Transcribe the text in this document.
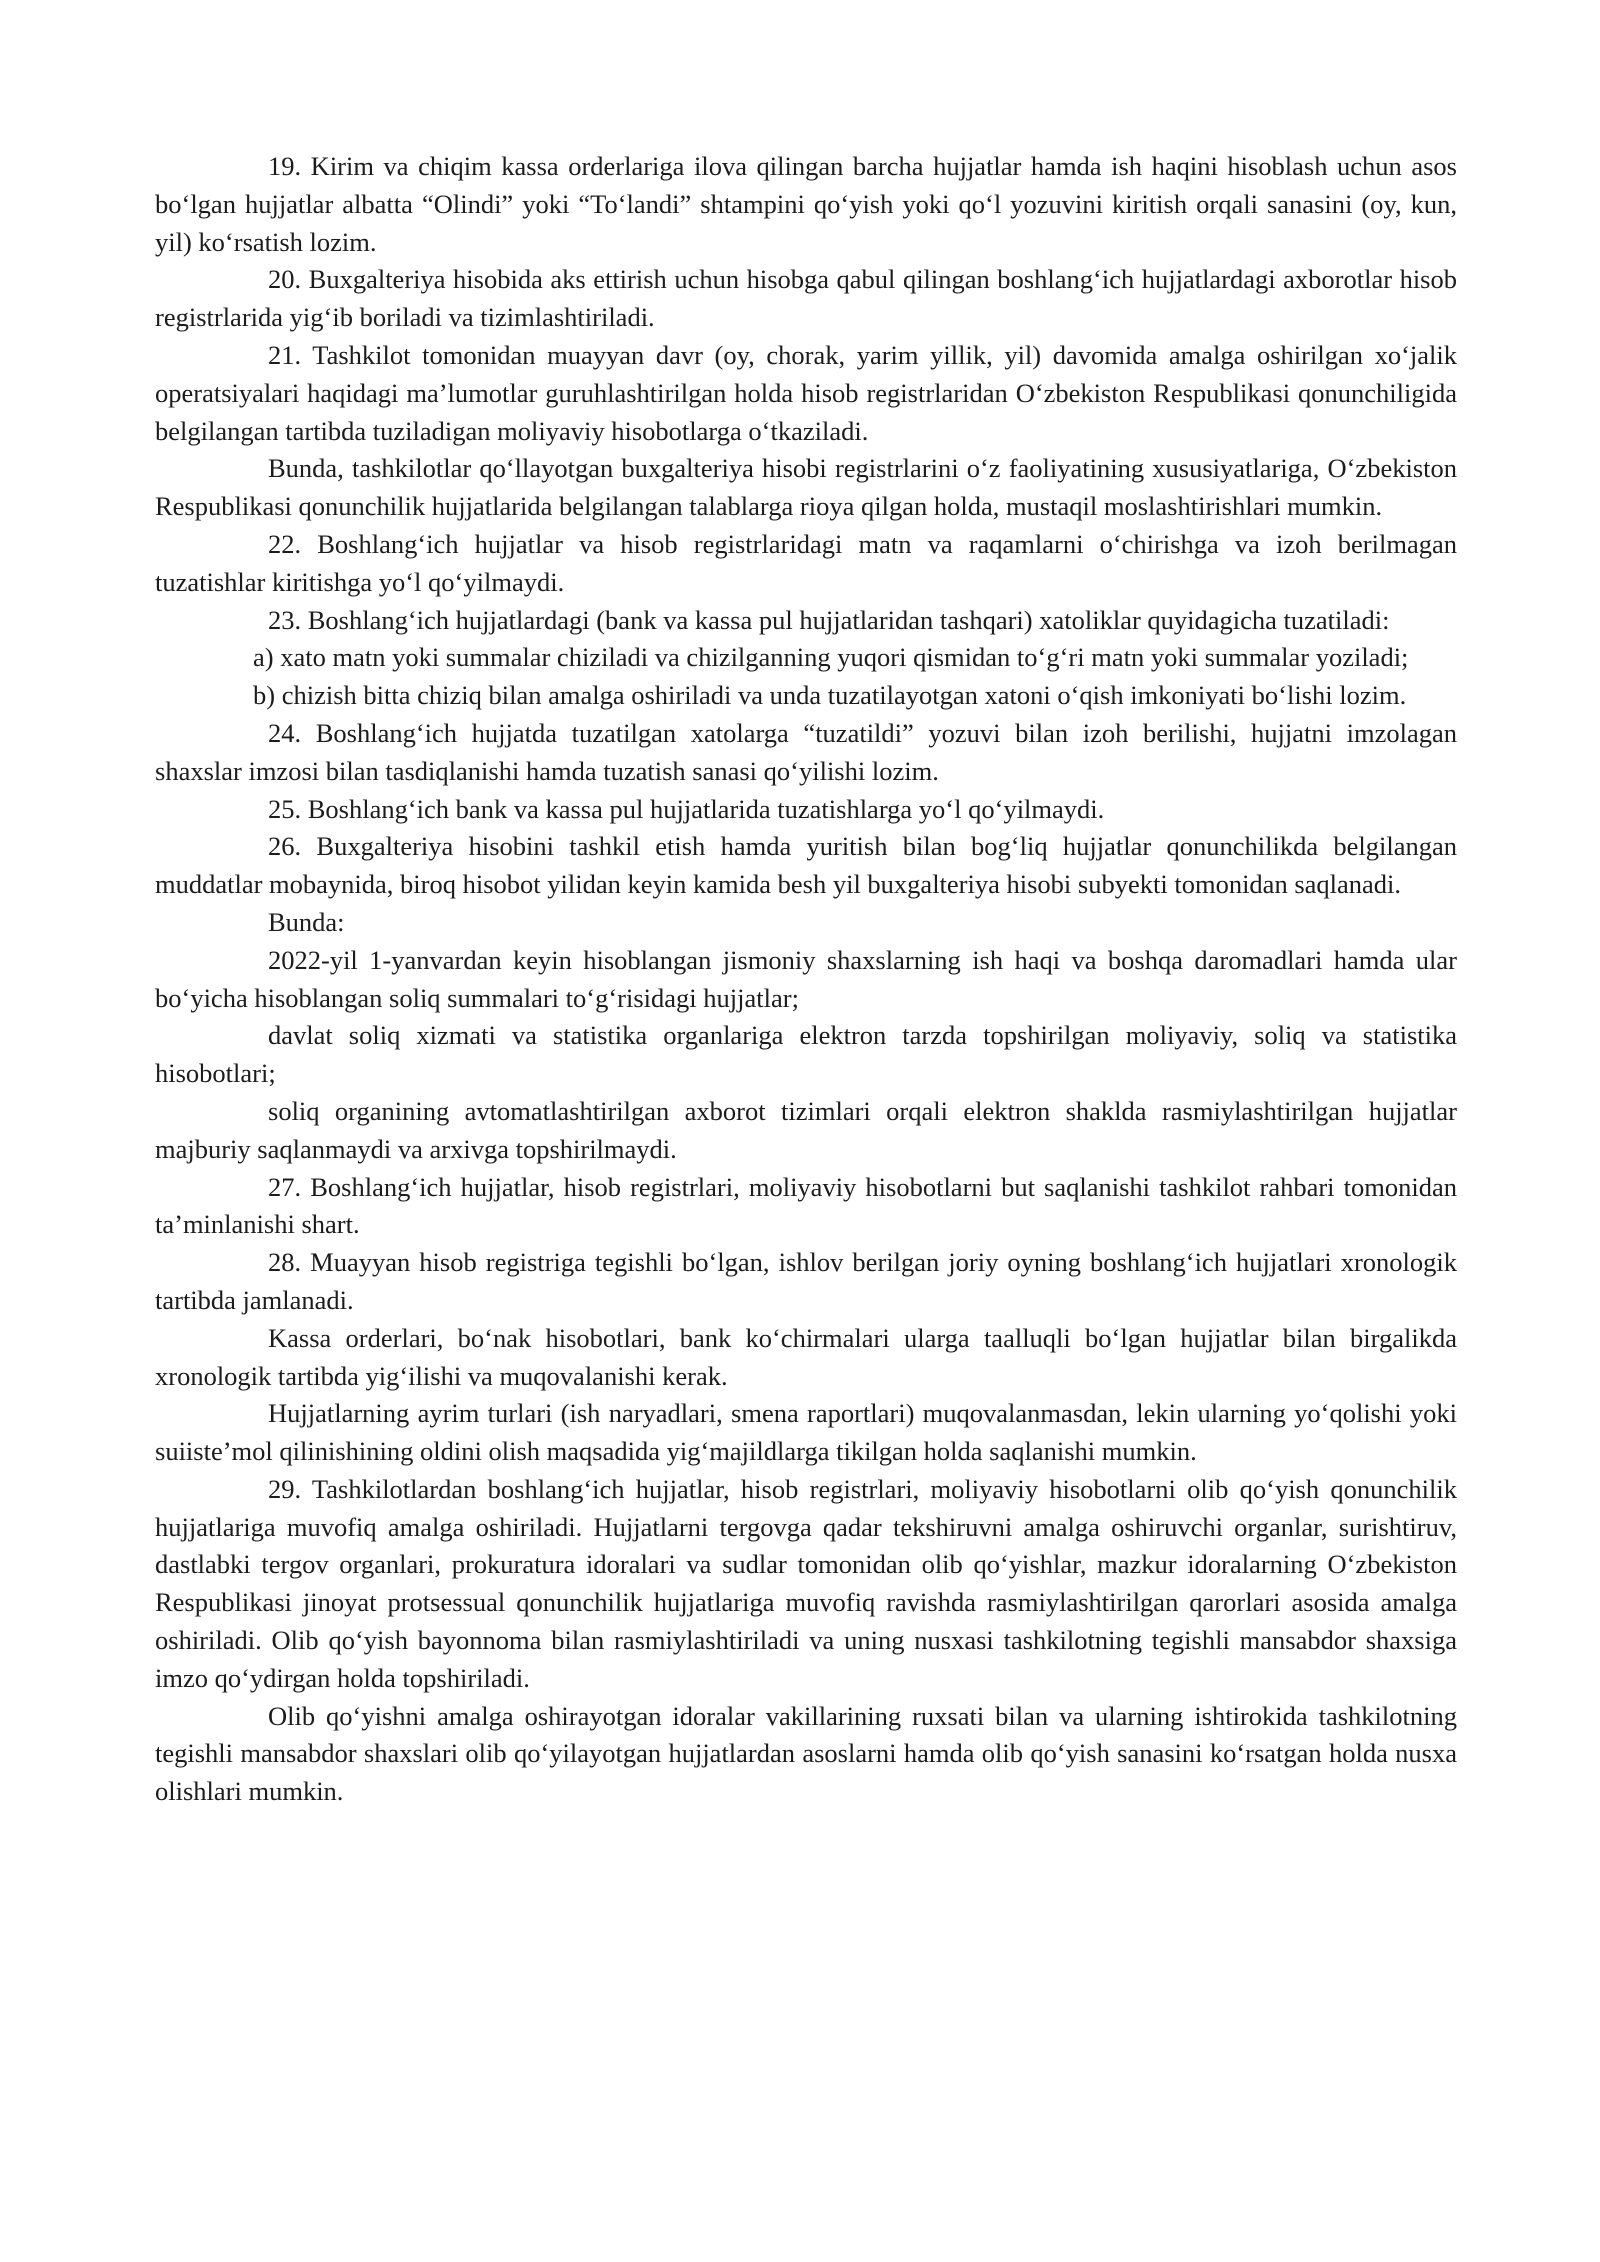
19. Kirim va chiqim kassa orderlariga ilova qilingan barcha hujjatlar hamda ish haqini hisoblash uchun asos bo‘lgan hujjatlar albatta “Olindi” yoki “To‘landi” shtampini qo‘yish yoki qo‘l yozuvini kiritish orqali sanasini (oy, kun, yil) ko‘rsatish lozim.

20. Buxgalteriya hisobida aks ettirish uchun hisobga qabul qilingan boshlang‘ich hujjatlardagi axborotlar hisob registrlarida yig‘ib boriladi va tizimlashtiriladi.

21. Tashkilot tomonidan muayyan davr (oy, chorak, yarim yillik, yil) davomida amalga oshirilgan xo‘jalik operatsiyalari haqidagi ma’lumotlar guruhlashtirilgan holda hisob registrlaridan O‘zbekiston Respublikasi qonunchiligida belgilangan tartibda tuziladigan moliyaviy hisobotlarga o‘tkaziladi.

Bunda, tashkilotlar qo‘llayotgan buxgalteriya hisobi registrlarini o‘z faoliyatining xususiyatlariga, O‘zbekiston Respublikasi qonunchilik hujjatlarida belgilangan talablarga rioya qilgan holda, mustaqil moslashtirishlari mumkin.

22. Boshlang‘ich hujjatlar va hisob registrlaridagi matn va raqamlarni o‘chirishga va izoh berilmagan tuzatishlar kiritishga yo‘l qo‘yilmaydi.

23. Boshlang‘ich hujjatlardagi (bank va kassa pul hujjatlaridan tashqari) xatoliklar quyidagicha tuzatiladi:

a) xato matn yoki summalar chiziladi va chizilganning yuqori qismidan to‘g‘ri matn yoki summalar yoziladi;

b) chizish bitta chiziq bilan amalga oshiriladi va unda tuzatilayotgan xatoni o‘qish imkoniyati bo‘lishi lozim.

24. Boshlang‘ich hujjatda tuzatilgan xatolarga “tuzatildi” yozuvi bilan izoh berilishi, hujjatni imzolagan shaxslar imzosi bilan tasdiqlanishi hamda tuzatish sanasi qo‘yilishi lozim.

25. Boshlang‘ich bank va kassa pul hujjatlarida tuzatishlarga yo‘l qo‘yilmaydi.

26. Buxgalteriya hisobini tashkil etish hamda yuritish bilan bog‘liq hujjatlar qonunchilikda belgilangan muddatlar mobaynida, biroq hisobot yilidan keyin kamida besh yil buxgalteriya hisobi subyekti tomonidan saqlanadi.

Bunda:

2022-yil 1-yanvardan keyin hisoblangan jismoniy shaxslarning ish haqi va boshqa daromadlari hamda ular bo‘yicha hisoblangan soliq summalari to‘g‘risidagi hujjatlar;

davlat soliq xizmati va statistika organlariga elektron tarzda topshirilgan moliyaviy, soliq va statistika hisobotlari;

soliq organining avtomatlashtirilgan axborot tizimlari orqali elektron shaklda rasmiylashtirilgan hujjatlar majburiy saqlanmaydi va arxivga topshirilmaydi.

27. Boshlang‘ich hujjatlar, hisob registrlari, moliyaviy hisobotlarni but saqlanishi tashkilot rahbari tomonidan ta’minlanishi shart.

28. Muayyan hisob registriga tegishli bo‘lgan, ishlov berilgan joriy oyning boshlang‘ich hujjatlari xronologik tartibda jamlanadi.

Kassa orderlari, bo‘nak hisobotlari, bank ko‘chirmalari ularga taalluqli bo‘lgan hujjatlar bilan birgalikda xronologik tartibda yig‘ilishi va muqovalanishi kerak.

Hujjatlarning ayrim turlari (ish naryadlari, smena raportlari) muqovalanmasdan, lekin ularning yo‘qolishi yoki suiiste’mol qilinishining oldini olish maqsadida yig‘majildlarga tikilgan holda saqlanishi mumkin.

29. Tashkilotlardan boshlang‘ich hujjatlar, hisob registrlari, moliyaviy hisobotlarni olib qo‘yish qonunchilik hujjatlariga muvofiq amalga oshiriladi. Hujjatlarni tergovga qadar tekshiruvni amalga oshiruvchi organlar, surishtiruv, dastlabki tergov organlari, prokuratura idoralari va sudlar tomonidan olib qo‘yishlar, mazkur idoralarning O‘zbekiston Respublikasi jinoyat protsessual qonunchilik hujjatlariga muvofiq ravishda rasmiylashtirilgan qarorlari asosida amalga oshiriladi. Olib qo‘yish bayonnoma bilan rasmiylashtiriladi va uning nusxasi tashkilotning tegishli mansabdor shaxsiga imzo qo‘ydirgan holda topshiriladi.

Olib qo‘yishni amalga oshirayotgan idoralar vakillarining ruxsati bilan va ularning ishtirokida tashkilotning tegishli mansabdor shaxslari olib qo‘yilayotgan hujjatlardan asoslarni hamda olib qo‘yish sanasini ko‘rsatgan holda nusxa olishlari mumkin.
